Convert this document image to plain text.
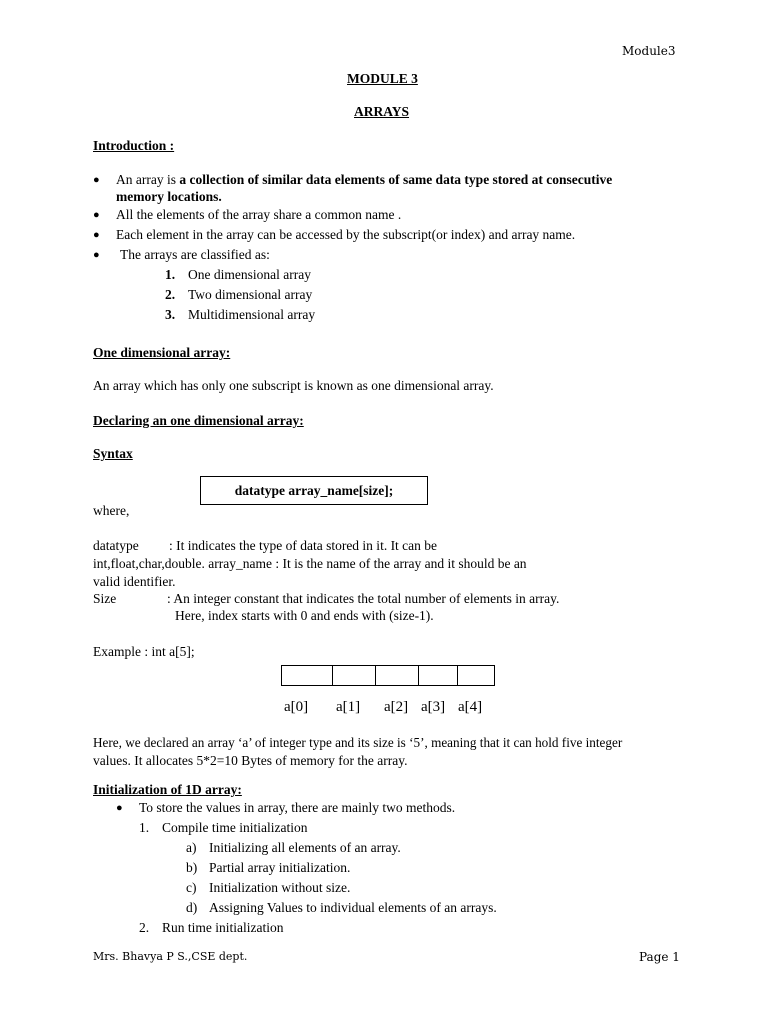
Module3
MODULE 3
ARRAYS
Introduction :
● An array is a collection of similar data elements of same data type stored at consecutive
memory locations.
● All the elements of the array share a common name .
● Each element in the array can be accessed by the subscript(or index) and array name.
● The arrays are classified as:
1. One dimensional array
2. Two dimensional array
3. Multidimensional array
One dimensional array:
An array which has only one subscript is known as one dimensional array.
Declaring an one dimensional array:
Syntax
datatype array_name[size];
where,
datatype : It indicates the type of data stored in it. It can be
int,float,char,double. array_name : It is the name of the array and it should be an
valid identifier.
Size	: An integer constant that indicates the total number of elements in array.
Here, index starts with 0 and ends with (size-1).
Example : int a[5];
a[0] a[1] a[2] a[3] a[4]
Here, we declared an array ‘a’ of integer type and its size is ‘5’, meaning that it can hold five integer
values. It allocates 5*2=10 Bytes of memory for the array.
Initialization of 1D array:
● To store the values in array, there are mainly two methods.
1. Compile time initialization
a) Initializing all elements of an array.
b) Partial array initialization.
c) Initialization without size.
d) Assigning Values to individual elements of an arrays.
2. Run time initialization
Mrs. Bhavya P S.,CSE dept.	Page 1
